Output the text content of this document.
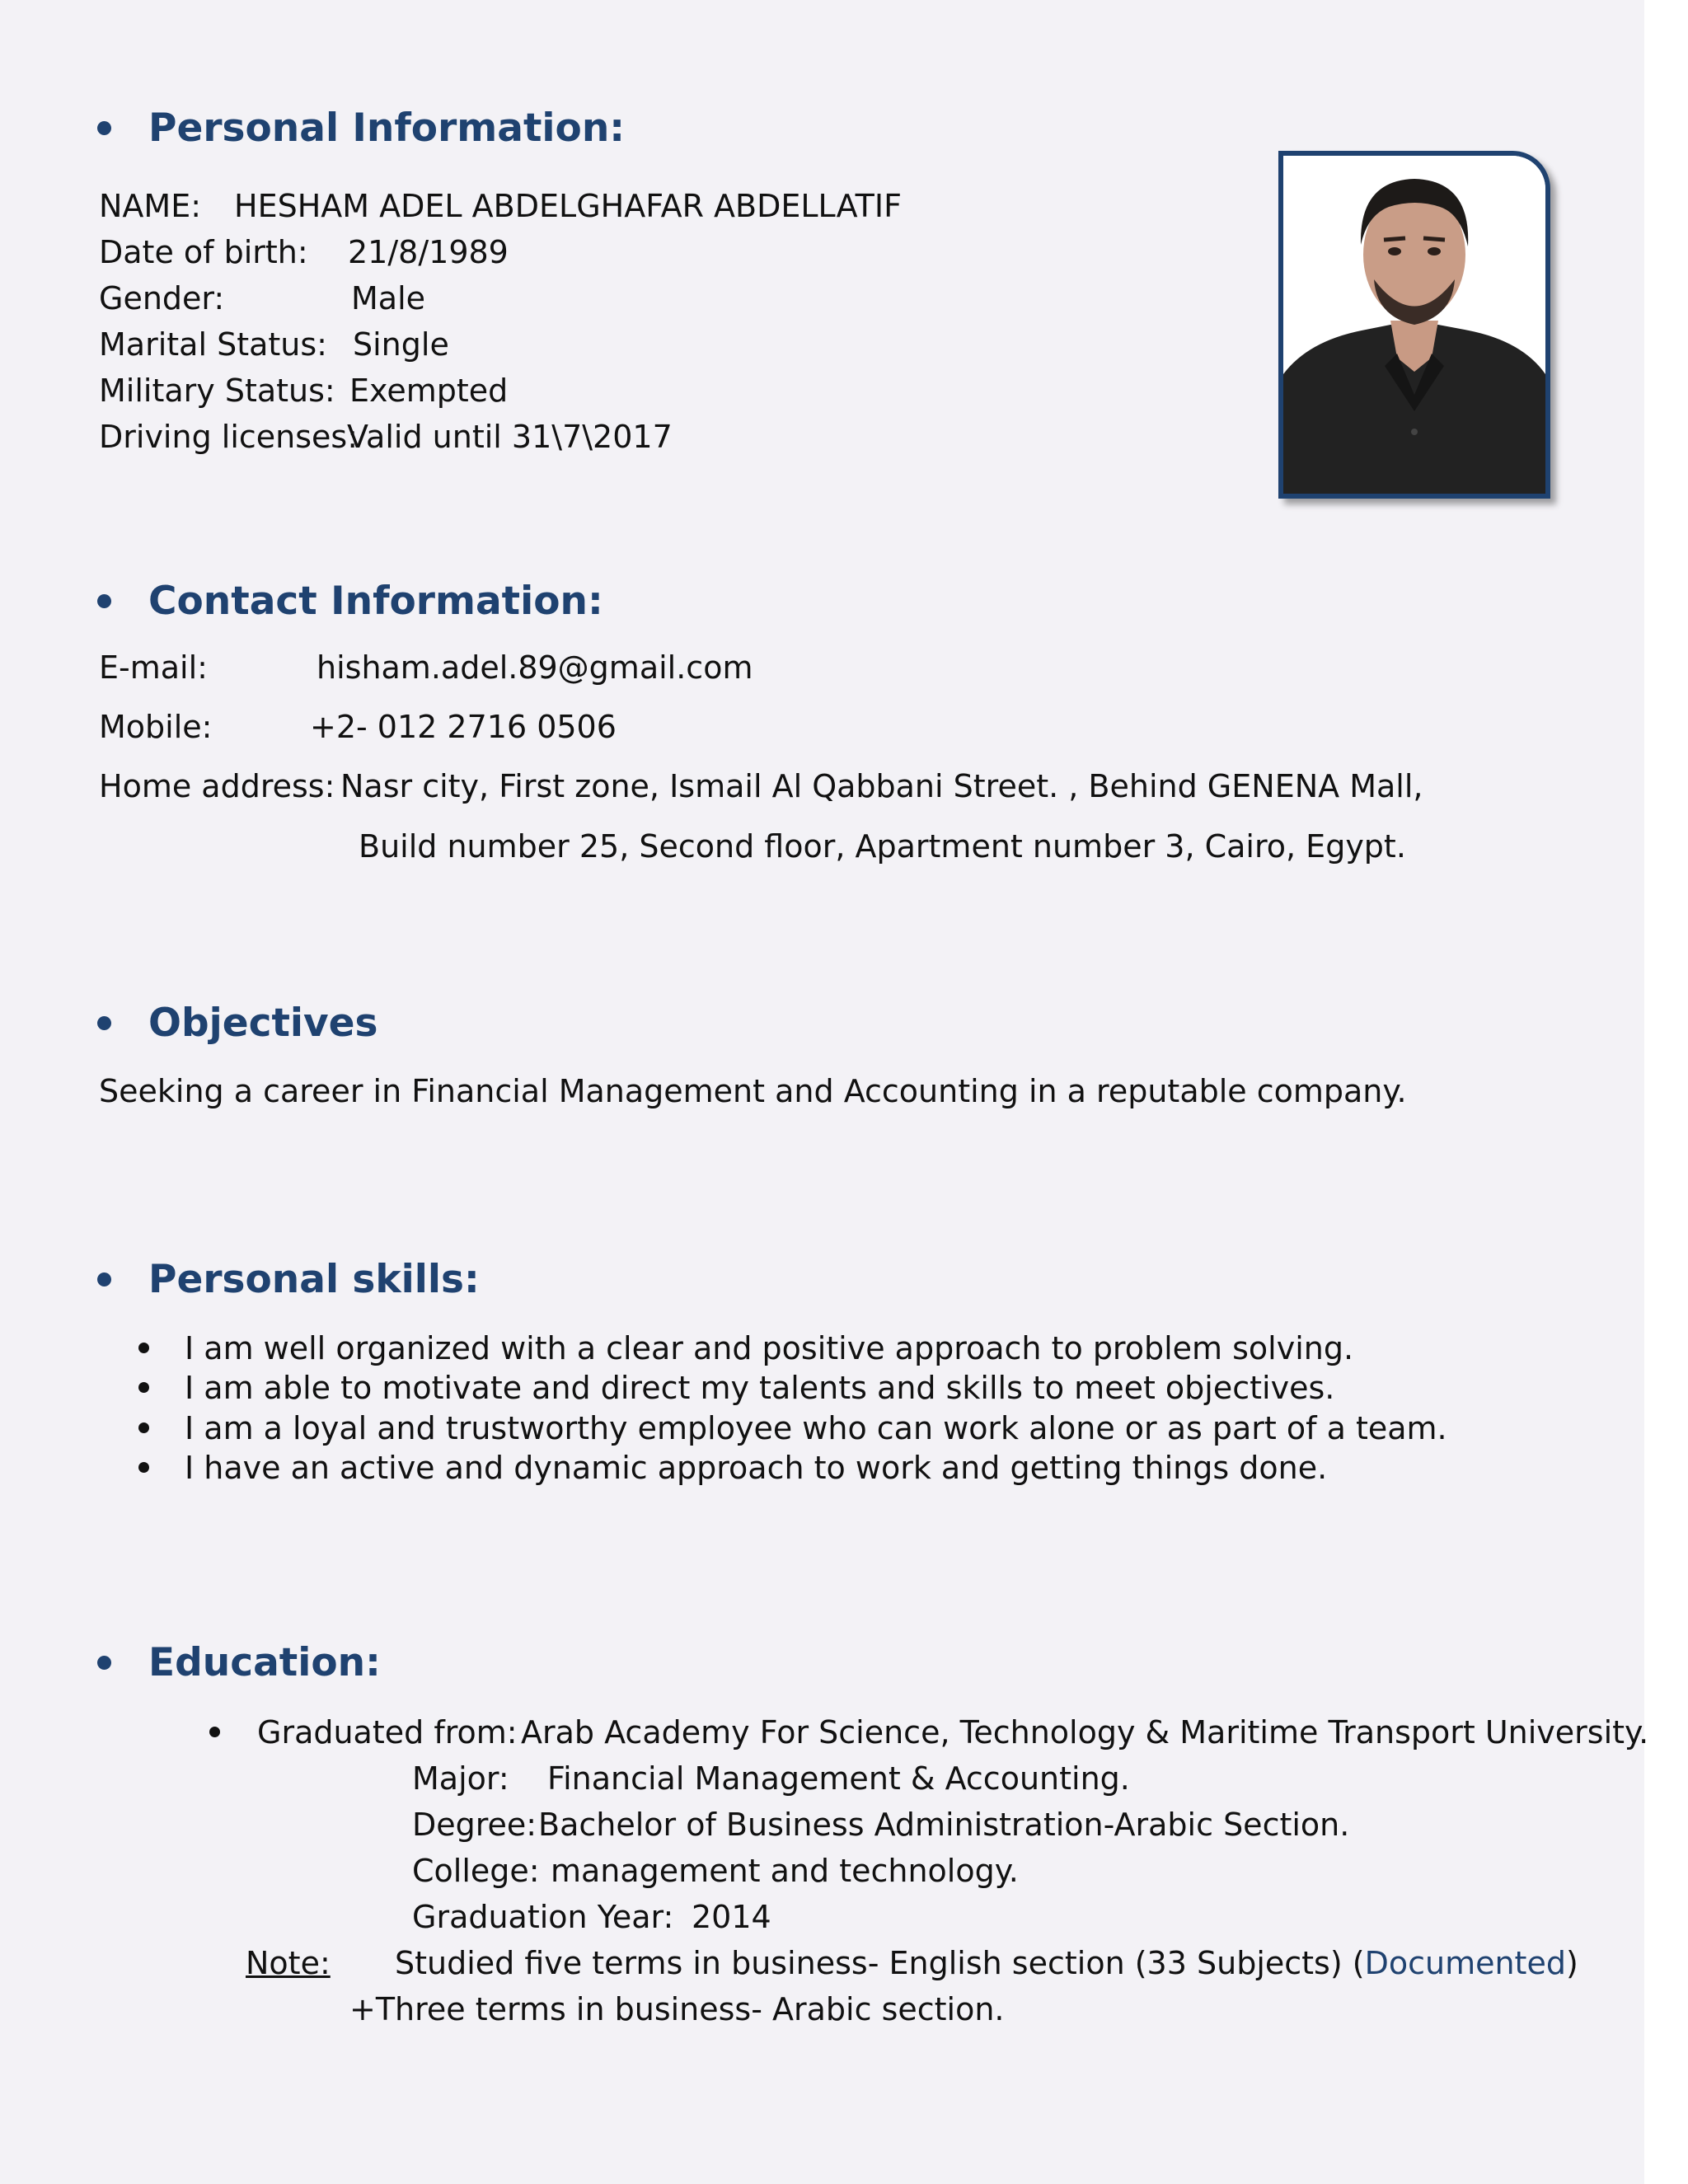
Personal Information:
NAME: HESHAM ADEL ABDELGHAFAR ABDELLATIF
Date of birth: 21/8/1989
Gender:	Male
Marital Status: Single
Military Status: Exempted
Driving licenses:
Valid until 31\7\2017
Contact Information:
E-mail:	hisham.adel.89@gmail.com
Mobile:	+2- 012 2716 0506
Home address: Nasr city, First zone, Ismail Al Qabbani Street. , Behind GENENA Mall,
Build number 25, Second floor, Apartment number 3, Cairo, Egypt.
Objectives
Seeking a career in Financial Management and Accounting in a reputable company.
Personal skills:
I am well organized with a clear and positive approach to problem solving.
I am able to motivate and direct my talents and skills to meet objectives.
I am a loyal and trustworthy employee who can work alone or as part of a team.
I have an active and dynamic approach to work and getting things done.
Education:
Graduated from: Arab Academy For Science, Technology & Maritime Transport University.
Major: Financial Management & Accounting.
Degree: Bachelor of Business Administration-Arabic Section.
College: management and technology.
Graduation Year: 2014
Note: Studied five terms in business- English section (33 Subjects) (Documented)
+Three terms in business- Arabic section.
